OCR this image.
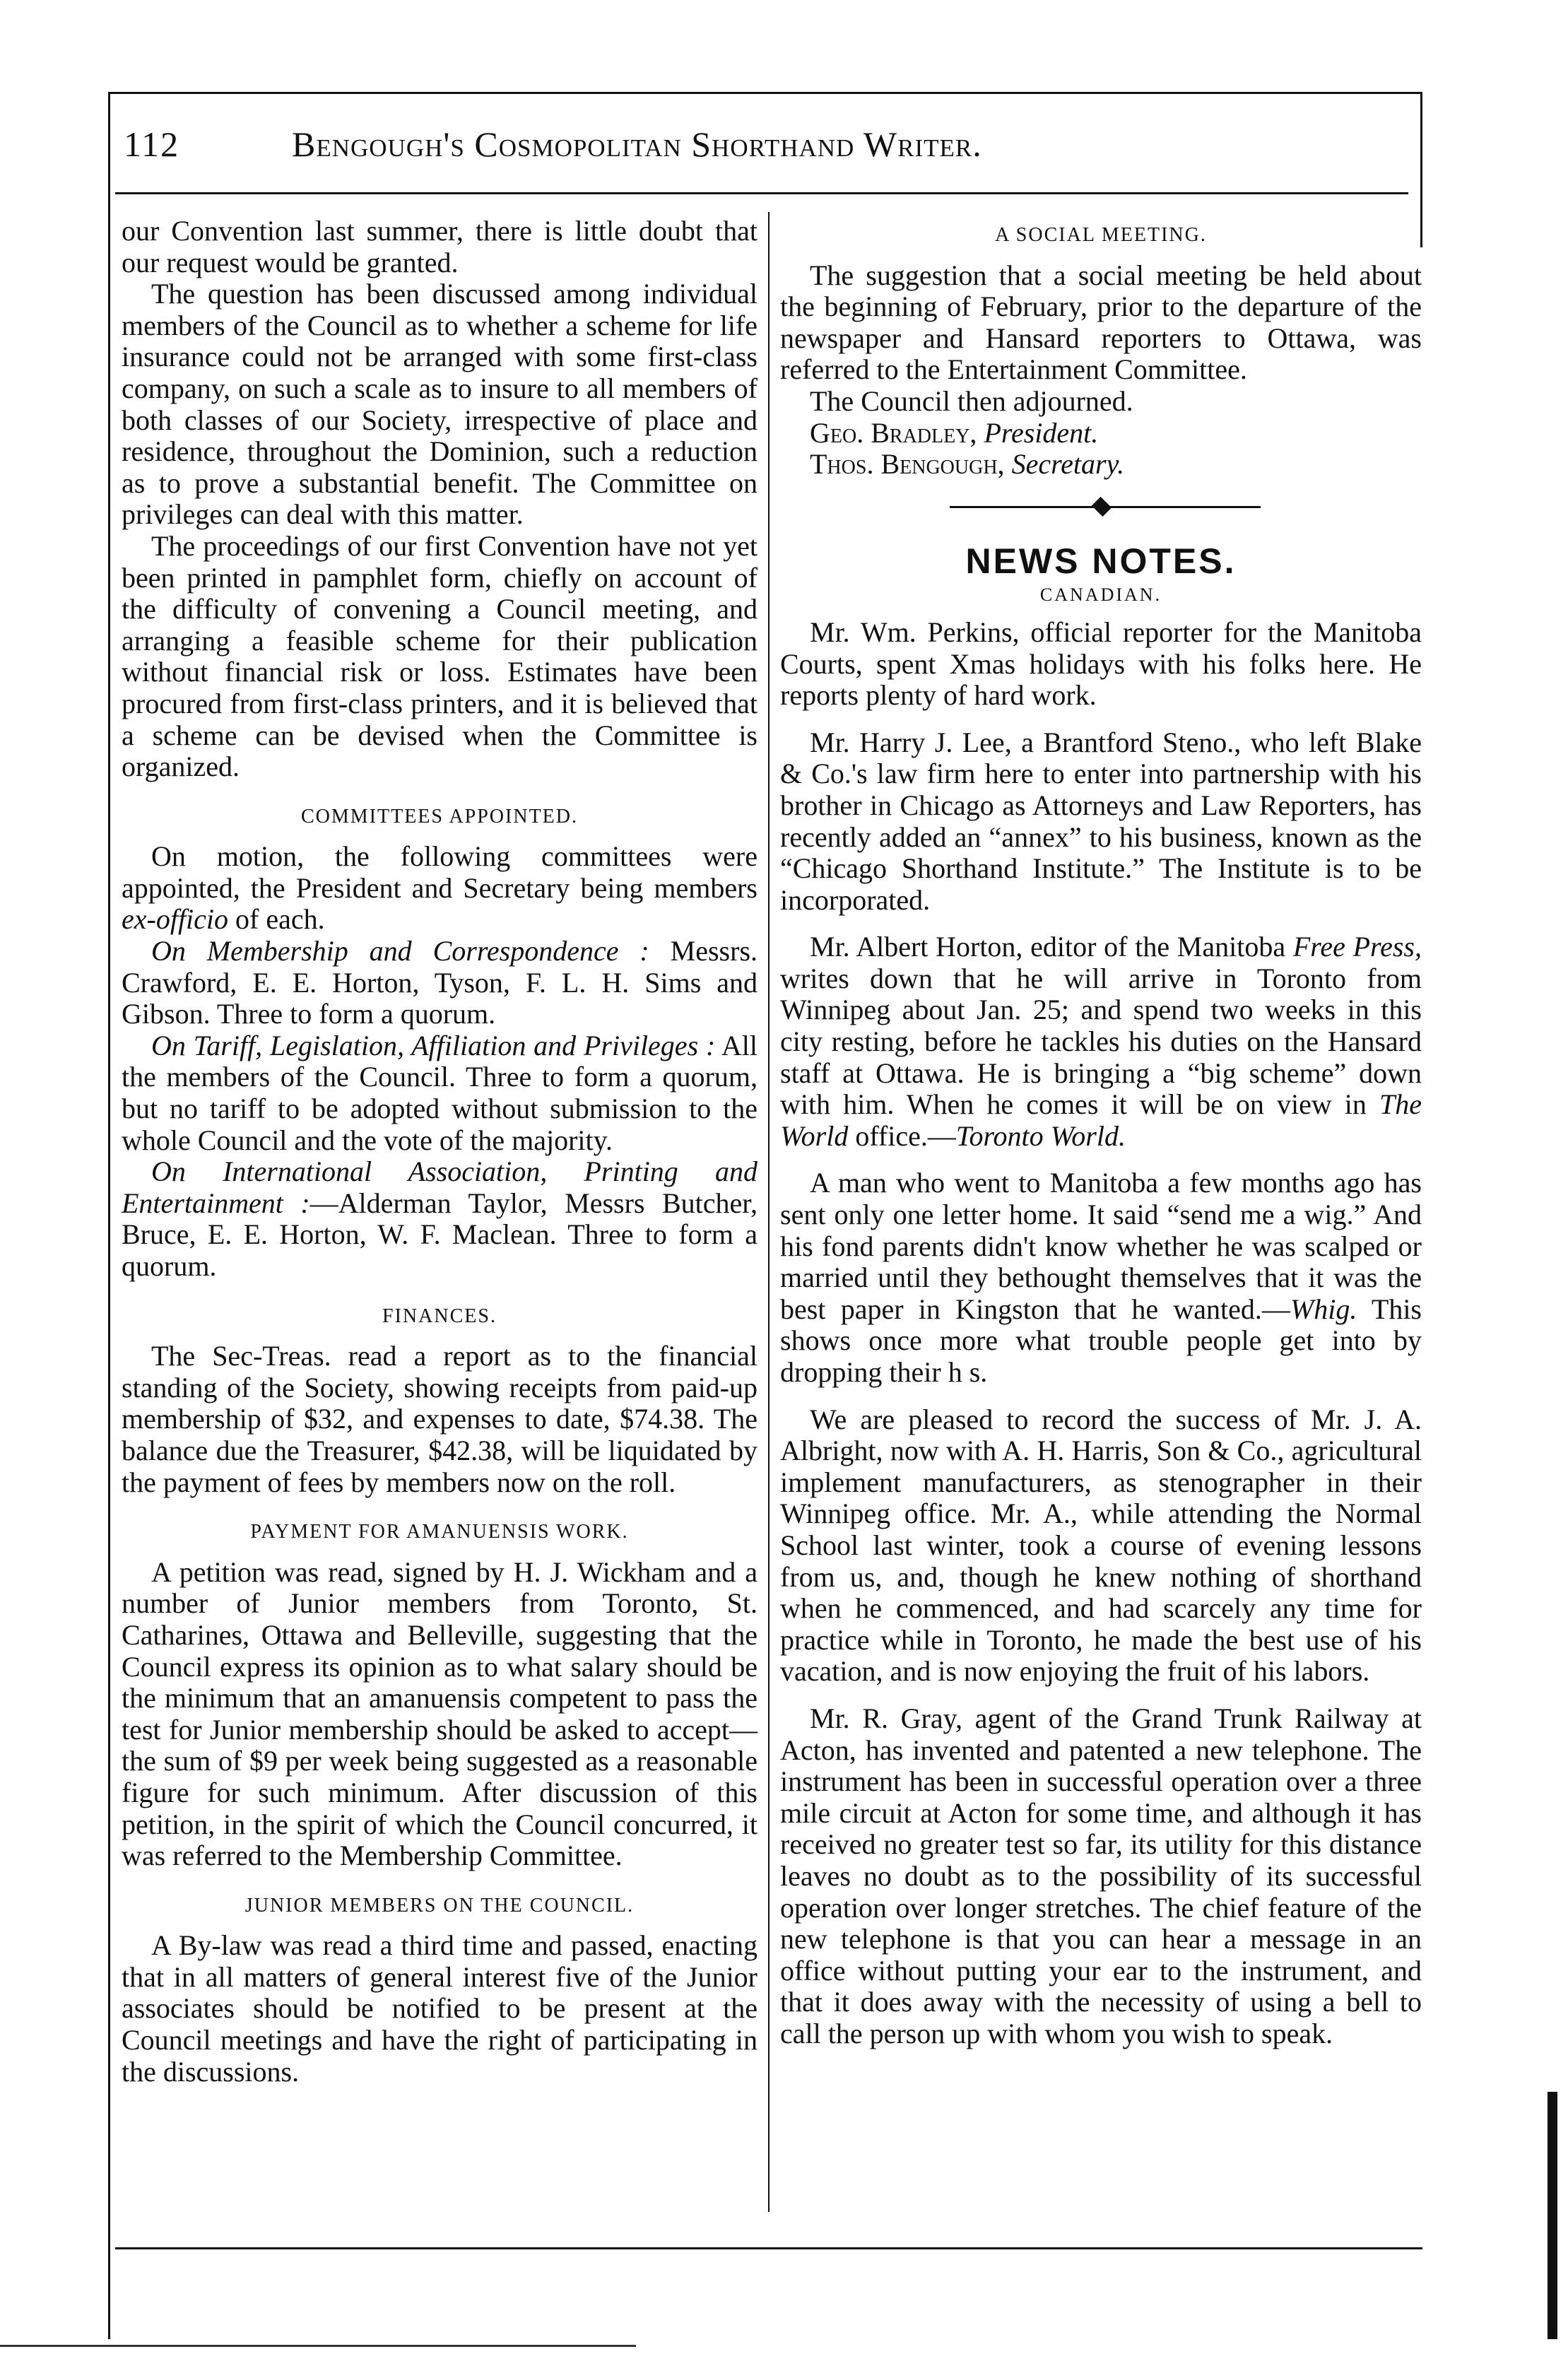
112	Bengough's Cosmopolitan Shorthand Writer.

our Convention last summer, there is little doubt that our request would be granted.

The question has been discussed among individual members of the Council as to whether a scheme for life insurance could not be arranged with some first-class company, on such a scale as to insure to all members of both classes of our Society, irrespective of place and residence, throughout the Dominion, such a reduction as to prove a substantial benefit. The Committee on privileges can deal with this matter.

The proceedings of our first Convention have not yet been printed in pamphlet form, chiefly on account of the difficulty of convening a Council meeting, and arranging a feasible scheme for their publication without financial risk or loss. Estimates have been procured from first-class printers, and it is believed that a scheme can be devised when the Committee is organized.

COMMITTEES APPOINTED.

On motion, the following committees were appointed, the President and Secretary being members ex-officio of each.

On Membership and Correspondence : Messrs. Crawford, E. E. Horton, Tyson, F. L. H. Sims and Gibson. Three to form a quorum.

On Tariff, Legislation, Affiliation and Privileges : All the members of the Council. Three to form a quorum, but no tariff to be adopted without submission to the whole Council and the vote of the majority.

On International Association, Printing and Entertainment :—Alderman Taylor, Messrs Butcher, Bruce, E. E. Horton, W. F. Maclean. Three to form a quorum.

FINANCES.

The Sec-Treas. read a report as to the financial standing of the Society, showing receipts from paid-up membership of $32, and expenses to date, $74.38. The balance due the Treasurer, $42.38, will be liquidated by the payment of fees by members now on the roll.

PAYMENT FOR AMANUENSIS WORK.

A petition was read, signed by H. J. Wickham and a number of Junior members from Toronto, St. Catharines, Ottawa and Belleville, suggesting that the Council express its opinion as to what salary should be the minimum that an amanuensis competent to pass the test for Junior membership should be asked to accept—the sum of $9 per week being suggested as a reasonable figure for such minimum. After discussion of this petition, in the spirit of which the Council concurred, it was referred to the Membership Committee.

JUNIOR MEMBERS ON THE COUNCIL.

A By-law was read a third time and passed, enacting that in all matters of general interest five of the Junior associates should be notified to be present at the Council meetings and have the right of participating in the discussions.

A SOCIAL MEETING.

The suggestion that a social meeting be held about the beginning of February, prior to the departure of the newspaper and Hansard reporters to Ottawa, was referred to the Entertainment Committee.

The Council then adjourned.

Geo. Bradley, President.

Thos. Bengough, Secretary.

NEWS NOTES.
CANADIAN.

Mr. Wm. Perkins, official reporter for the Manitoba Courts, spent Xmas holidays with his folks here. He reports plenty of hard work.

Mr. Harry J. Lee, a Brantford Steno., who left Blake & Co.'s law firm here to enter into partnership with his brother in Chicago as Attorneys and Law Reporters, has recently added an “annex” to his business, known as the “Chicago Shorthand Institute.” The Institute is to be incorporated.

Mr. Albert Horton, editor of the Manitoba Free Press, writes down that he will arrive in Toronto from Winnipeg about Jan. 25; and spend two weeks in this city resting, before he tackles his duties on the Hansard staff at Ottawa. He is bringing a “big scheme” down with him. When he comes it will be on view in The World office.—Toronto World.

A man who went to Manitoba a few months ago has sent only one letter home. It said “send me a wig.” And his fond parents didn't know whether he was scalped or married until they bethought themselves that it was the best paper in Kingston that he wanted.—Whig. This shows once more what trouble people get into by dropping their h s.

We are pleased to record the success of Mr. J. A. Albright, now with A. H. Harris, Son & Co., agricultural implement manufacturers, as stenographer in their Winnipeg office. Mr. A., while attending the Normal School last winter, took a course of evening lessons from us, and, though he knew nothing of shorthand when he commenced, and had scarcely any time for practice while in Toronto, he made the best use of his vacation, and is now enjoying the fruit of his labors.

Mr. R. Gray, agent of the Grand Trunk Railway at Acton, has invented and patented a new telephone. The instrument has been in successful operation over a three mile circuit at Acton for some time, and although it has received no greater test so far, its utility for this distance leaves no doubt as to the possibility of its successful operation over longer stretches. The chief feature of the new telephone is that you can hear a message in an office without putting your ear to the instrument, and that it does away with the necessity of using a bell to call the person up with whom you wish to speak.
